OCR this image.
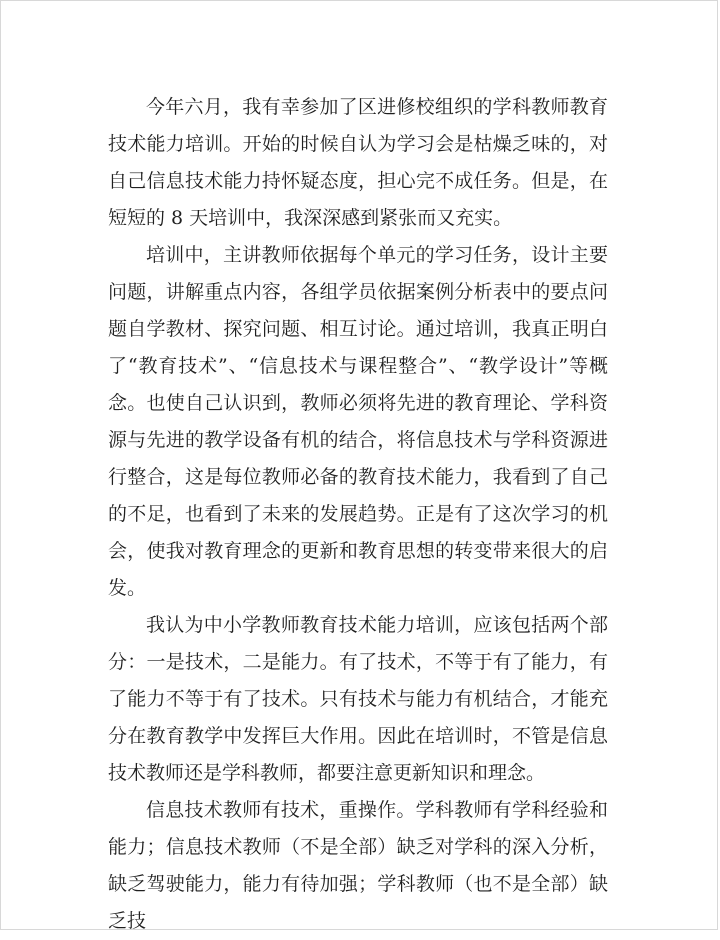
今年六月，我有幸参加了区进修校组织的学科教师教育技术能力培训。开始的时候自认为学习会是枯燥乏味的，对自己信息技术能力持怀疑态度，担心完不成任务。但是，在短短的 8 天培训中，我深深感到紧张而又充实。

培训中，主讲教师依据每个单元的学习任务，设计主要问题，讲解重点内容，各组学员依据案例分析表中的要点问题自学教材、探究问题、相互讨论。通过培训，我真正明白了“教育技术”、“信息技术与课程整合”、“教学设计”等概念。也使自己认识到，教师必须将先进的教育理论、学科资源与先进的教学设备有机的结合，将信息技术与学科资源进行整合，这是每位教师必备的教育技术能力，我看到了自己的不足，也看到了未来的发展趋势。正是有了这次学习的机会，使我对教育理念的更新和教育思想的转变带来很大的启发。

我认为中小学教师教育技术能力培训，应该包括两个部分：一是技术，二是能力。有了技术，不等于有了能力，有了能力不等于有了技术。只有技术与能力有机结合，才能充分在教育教学中发挥巨大作用。因此在培训时，不管是信息技术教师还是学科教师，都要注意更新知识和理念。

信息技术教师有技术，重操作。学科教师有学科经验和能力；信息技术教师（不是全部）缺乏对学科的深入分析，缺乏驾驶能力，能力有待加强；学科教师（也不是全部）缺乏技
